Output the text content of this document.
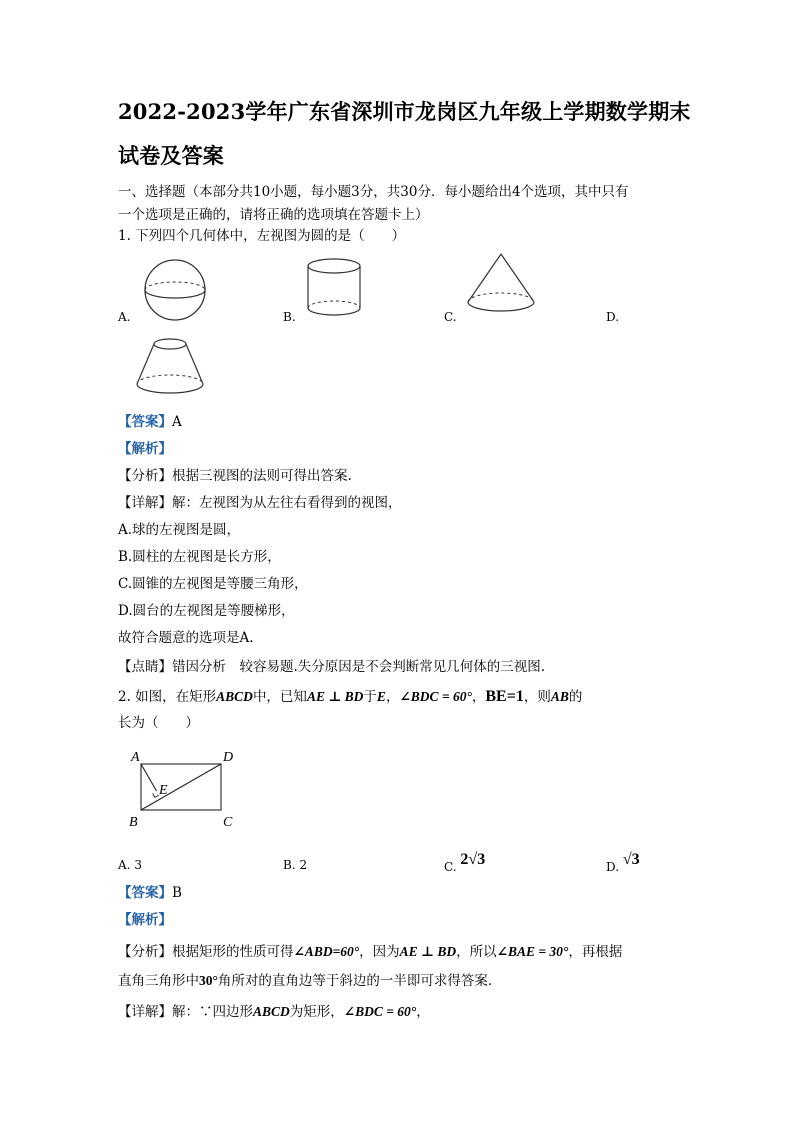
2022-2023学年广东省深圳市龙岗区九年级上学期数学期末
试卷及答案
一、选择题（本部分共10小题，每小题3分，共30分．每小题给出4个选项，其中只有
一个选项是正确的，请将正确的选项填在答题卡上）
1. 下列四个几何体中，左视图为圆的是（　　）
A.	B.	C.	D.
【答案】A
【解析】
【分析】根据三视图的法则可得出答案.
【详解】解：左视图为从左往右看得到的视图，
A.球的左视图是圆，
B.圆柱的左视图是长方形，
C.圆锥的左视图是等腰三角形，
D.圆台的左视图是等腰梯形，
故符合题意的选项是A.
【点睛】错因分析　较容易题.失分原因是不会判断常见几何体的三视图.
2. 如图，在矩形ABCD中，已知AE ⊥ BD于E，∠BDC = 60°，BE=1，则AB的
长为（　　）
A	D
E
B	C
A. 3	B. 2	C. 2√3	D. √3
【答案】B
【解析】
【分析】根据矩形的性质可得∠ABD=60°，因为AE ⊥ BD，所以∠BAE = 30°，再根据
直角三角形中30°角所对的直角边等于斜边的一半即可求得答案．
【详解】解：∵四边形ABCD为矩形，∠BDC = 60°，
